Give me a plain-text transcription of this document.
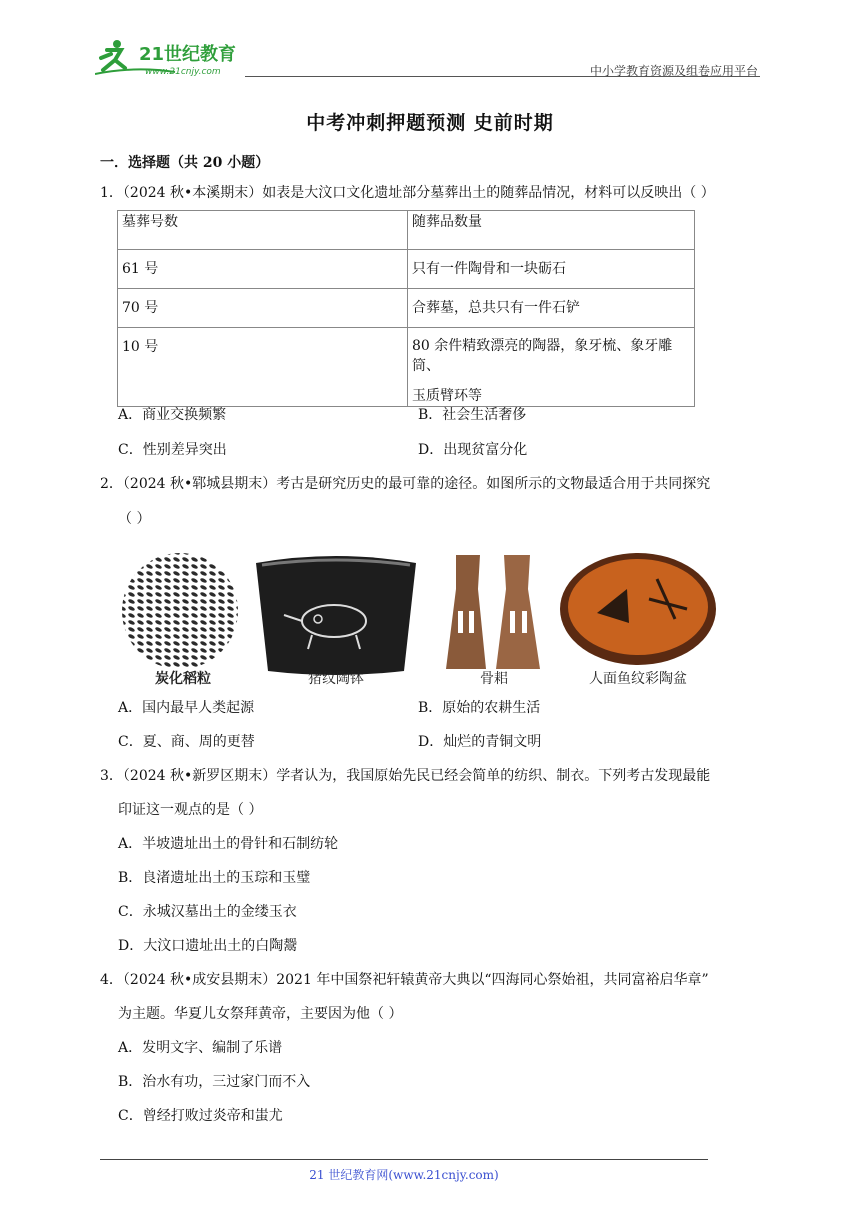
21世纪教育
www.21cnjy.com	中小学教育资源及组卷应用平台
中考冲刺押题预测 史前时期
一．选择题（共 20 小题）
1．（2024 秋•本溪期末）如表是大汶口文化遗址部分墓葬出土的随葬品情况，材料可以反映出（ ）
墓葬号数	随葬品数量
61 号	只有一件陶骨和一块砺石
70 号	合葬墓，总共只有一件石铲
10 号	80 余件精致漂亮的陶器，象牙梳、象牙雕筒、
玉质臂环等
A．商业交换频繁	B．社会生活奢侈
C．性别差异突出	D．出现贫富分化
2．（2024 秋•郓城县期末）考古是研究历史的最可靠的途径。如图所示的文物最适合用于共同探究
（ ）
炭化稻粒	猪纹陶钵	骨耜	人面鱼纹彩陶盆
A．国内最早人类起源	B．原始的农耕生活
C．夏、商、周的更替	D．灿烂的青铜文明
3．（2024 秋•新罗区期末）学者认为，我国原始先民已经会简单的纺织、制衣。下列考古发现最能
印证这一观点的是（ ）
A．半坡遗址出土的骨针和石制纺轮
B．良渚遗址出土的玉琮和玉璧
C．永城汉墓出土的金缕玉衣
D．大汶口遗址出土的白陶鬶
4．（2024 秋•成安县期末）2021 年中国祭祀轩辕黄帝大典以“四海同心祭始祖，共同富裕启华章”
为主题。华夏儿女祭拜黄帝，主要因为他（ ）
A．发明文字、编制了乐谱
B．治水有功，三过家门而不入
C．曾经打败过炎帝和蚩尤
21 世纪教育网(www.21cnjy.com)
